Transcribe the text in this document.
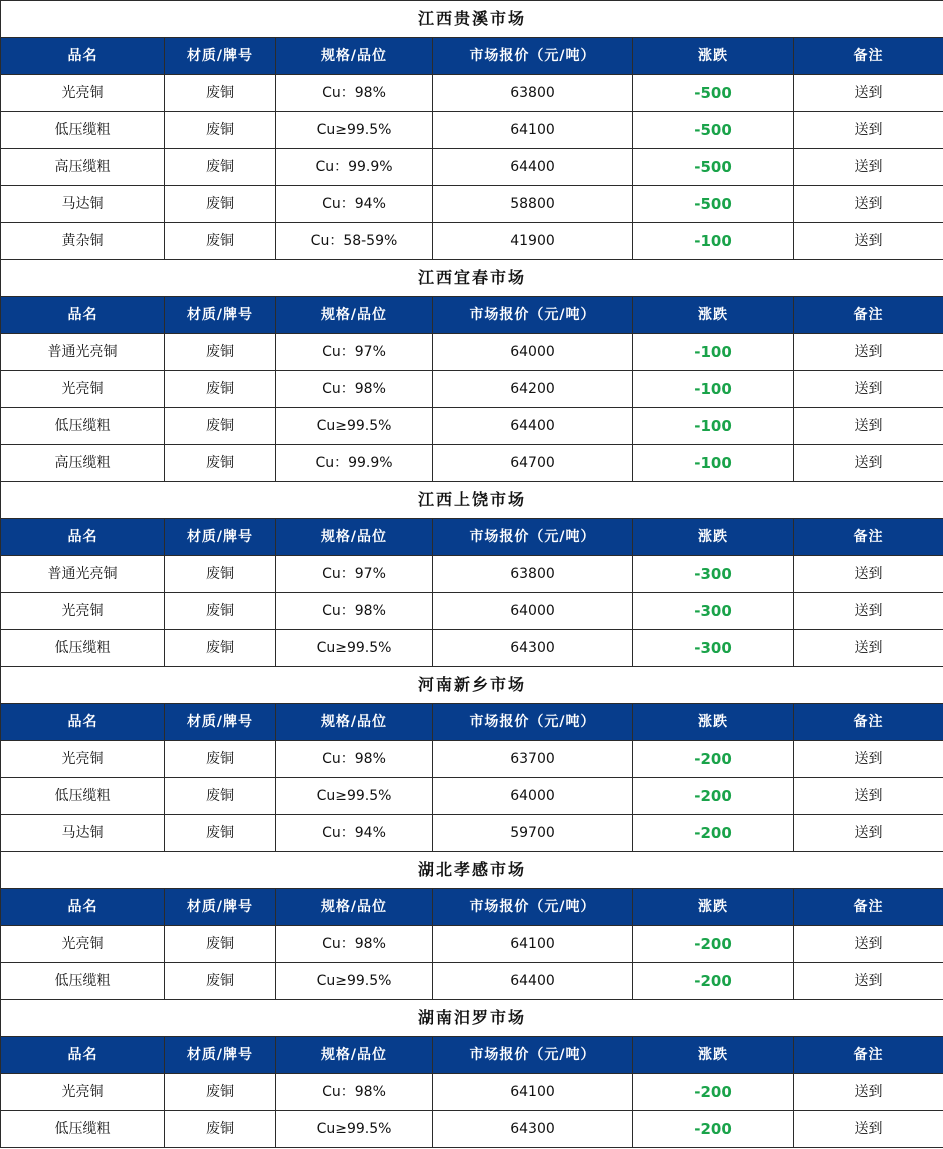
江西贵溪市场					
品名	材质/牌号	规格/品位	市场报价（元/吨）	涨跌	备注
光亮铜	废铜	Cu：98%	63800	-500	送到
低压缆粗	废铜	Cu≥99.5%	64100	-500	送到
高压缆粗	废铜	Cu：99.9%	64400	-500	送到
马达铜	废铜	Cu：94%	58800	-500	送到
黄杂铜	废铜	Cu：58-59%	41900	-100	送到
江西宜春市场					
品名	材质/牌号	规格/品位	市场报价（元/吨）	涨跌	备注
普通光亮铜	废铜	Cu：97%	64000	-100	送到
光亮铜	废铜	Cu：98%	64200	-100	送到
低压缆粗	废铜	Cu≥99.5%	64400	-100	送到
高压缆粗	废铜	Cu：99.9%	64700	-100	送到
江西上饶市场					
品名	材质/牌号	规格/品位	市场报价（元/吨）	涨跌	备注
普通光亮铜	废铜	Cu：97%	63800	-300	送到
光亮铜	废铜	Cu：98%	64000	-300	送到
低压缆粗	废铜	Cu≥99.5%	64300	-300	送到
河南新乡市场					
品名	材质/牌号	规格/品位	市场报价（元/吨）	涨跌	备注
光亮铜	废铜	Cu：98%	63700	-200	送到
低压缆粗	废铜	Cu≥99.5%	64000	-200	送到
马达铜	废铜	Cu：94%	59700	-200	送到
湖北孝感市场					
品名	材质/牌号	规格/品位	市场报价（元/吨）	涨跌	备注
光亮铜	废铜	Cu：98%	64100	-200	送到
低压缆粗	废铜	Cu≥99.5%	64400	-200	送到
湖南汨罗市场					
品名	材质/牌号	规格/品位	市场报价（元/吨）	涨跌	备注
光亮铜	废铜	Cu：98%	64100	-200	送到
低压缆粗	废铜	Cu≥99.5%	64300	-200	送到
